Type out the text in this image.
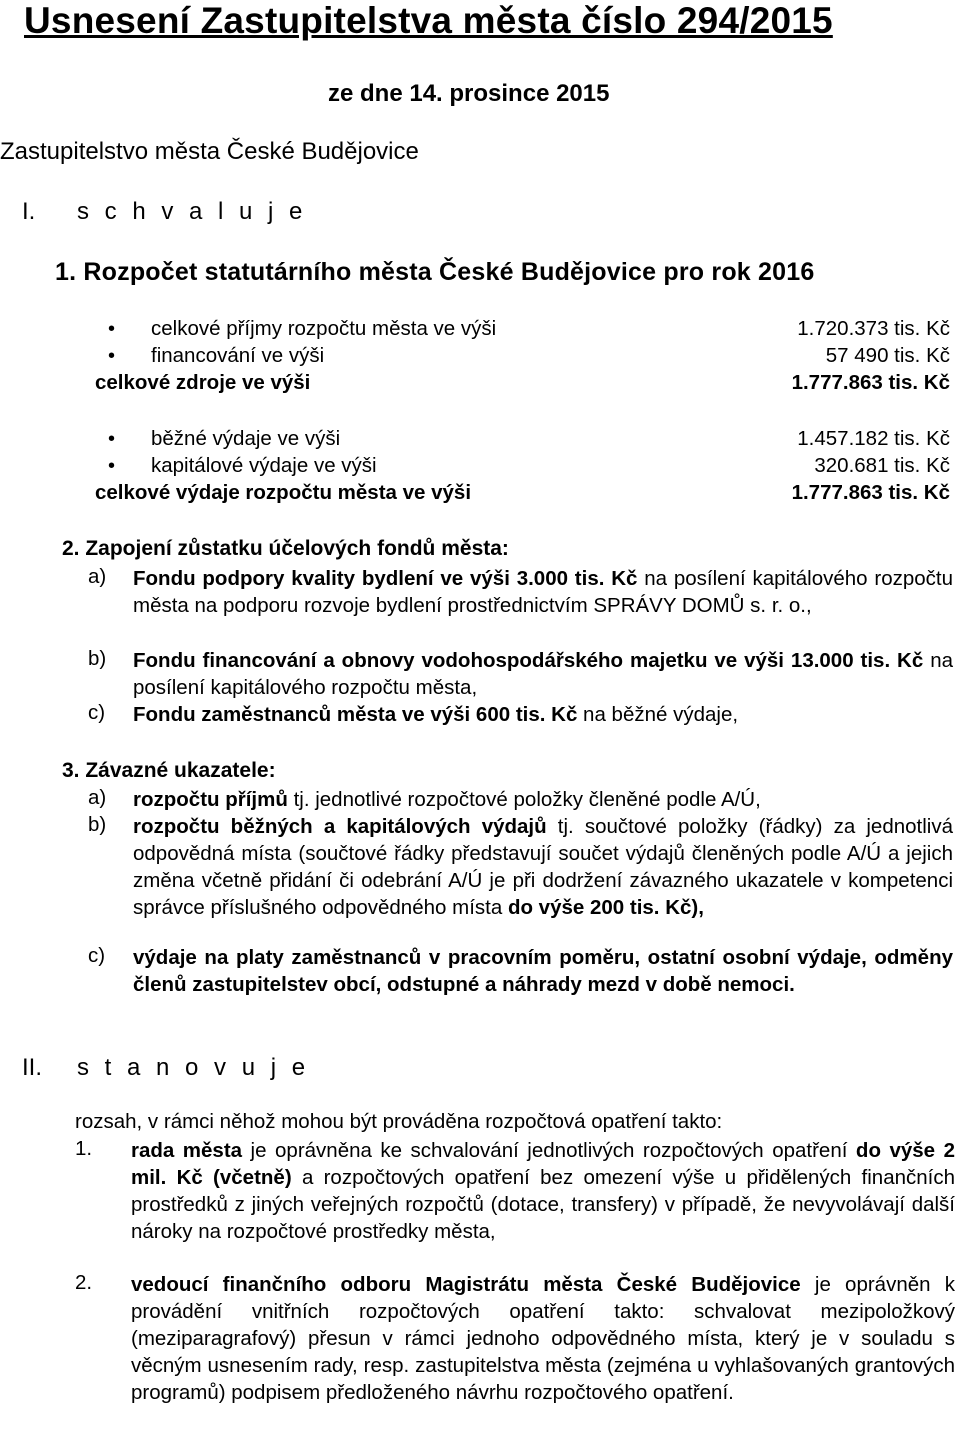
Usnesení Zastupitelstva města číslo 294/2015
ze dne 14. prosince 2015
Zastupitelstvo města České Budějovice
I. s c h v a l u j e
1. Rozpočet statutárního města České Budějovice pro rok 2016
• celkové příjmy rozpočtu města ve výši	1.720.373 tis. Kč
• financování ve výši	57 490 tis. Kč
celkové zdroje ve výši	1.777.863 tis. Kč
• běžné výdaje ve výši	1.457.182 tis. Kč
• kapitálové výdaje ve výši	320.681 tis. Kč
celkové výdaje rozpočtu města ve výši	1.777.863 tis. Kč
2. Zapojení zůstatku účelových fondů města:
a) Fondu podpory kvality bydlení ve výši 3.000 tis. Kč na posílení kapitálového rozpočtu města na podporu rozvoje bydlení prostřednictvím SPRÁVY DOMŮ s. r. o.,
b) Fondu financování a obnovy vodohospodářského majetku ve výši 13.000 tis. Kč na posílení kapitálového rozpočtu města,
c) Fondu zaměstnanců města ve výši 600 tis. Kč na běžné výdaje,
3. Závazné ukazatele:
a) rozpočtu příjmů tj. jednotlivé rozpočtové položky členěné podle A/Ú,
b) rozpočtu běžných a kapitálových výdajů tj. součtové položky (řádky) za jednotlivá odpovědná místa (součtové řádky představují součet výdajů členěných podle A/Ú a jejich změna včetně přidání či odebrání A/Ú je při dodržení závazného ukazatele v kompetenci správce příslušného odpovědného místa do výše 200 tis. Kč),
c) výdaje na platy zaměstnanců v pracovním poměru, ostatní osobní výdaje, odměny členů zastupitelstev obcí, odstupné a náhrady mezd v době nemoci.
II. s t a n o v u j e
rozsah, v rámci něhož mohou být prováděna rozpočtová opatření takto:
1. rada města je oprávněna ke schvalování jednotlivých rozpočtových opatření do výše 2 mil. Kč (včetně) a rozpočtových opatření bez omezení výše u přidělených finančních prostředků z jiných veřejných rozpočtů (dotace, transfery) v případě, že nevyvolávají další nároky na rozpočtové prostředky města,
2. vedoucí finančního odboru Magistrátu města České Budějovice je oprávněn k provádění vnitřních rozpočtových opatření takto: schvalovat mezipoložkový (meziparagrafový) přesun v rámci jednoho odpovědného místa, který je v souladu s věcným usnesením rady, resp. zastupitelstva města (zejména u vyhlašovaných grantových programů) podpisem předloženého návrhu rozpočtového opatření.
